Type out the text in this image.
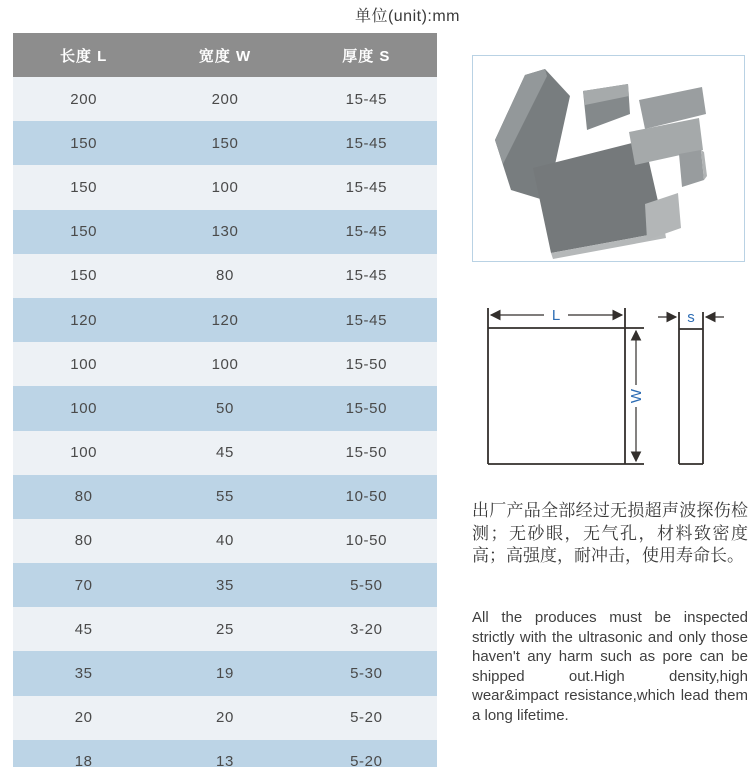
单位(unit):mm
长度 L	宽度 W	厚度 S
200	200	15-45
150	150	15-45
150	100	15-45
150	130	15-45
150	80	15-45
120	120	15-45
100	100	15-50
100	50	15-50
100	45	15-50
80	55	10-50
80	40	10-50
70	35	5-50
45	25	3-20
35	19	5-30
20	20	5-20
18	13	5-20
L
W
s

出厂产品全部经过无损超声波探伤检测；无砂眼，无气孔，材料致密度高；高强度，耐冲击，使用寿命长。

All the produces must be inspected strictly with the ultrasonic and only those haven't any harm such as pore can be shipped out.High density,high wear&impact resistance,which lead them a long lifetime.
